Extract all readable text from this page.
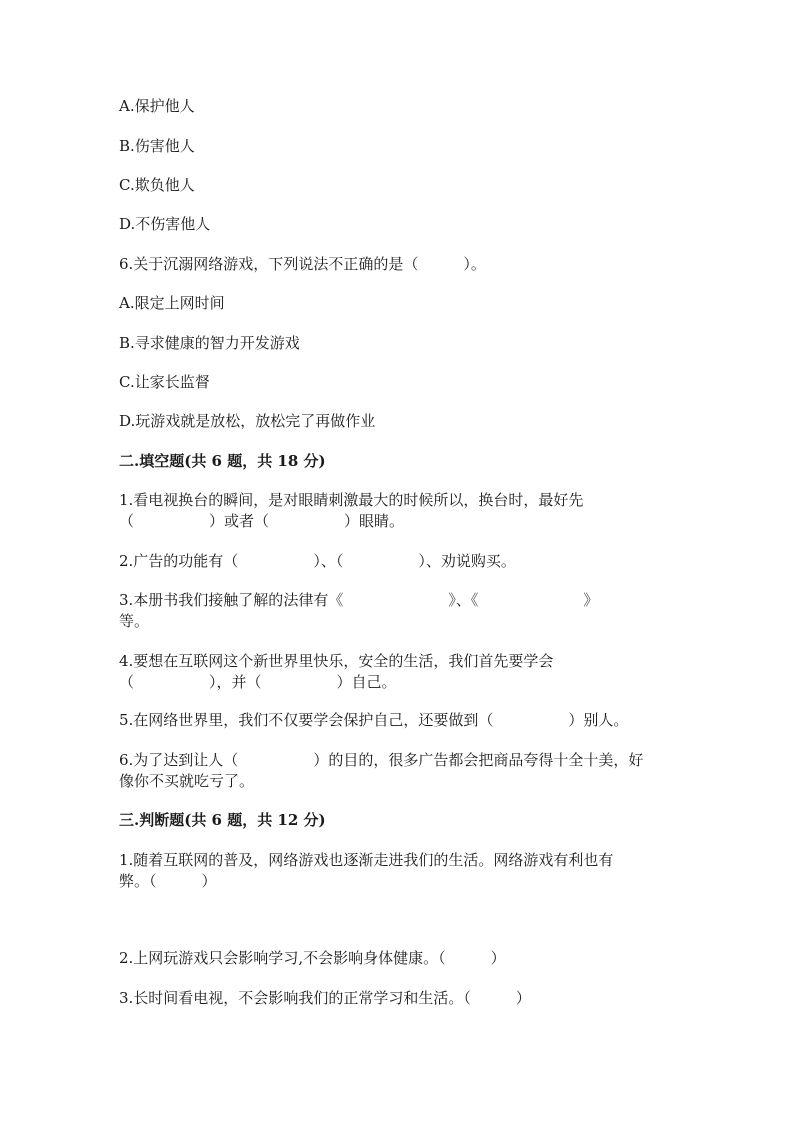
A.保护他人
B.伤害他人
C.欺负他人
D.不伤害他人
6.关于沉溺网络游戏，下列说法不正确的是（　　　）。
A.限定上网时间
B.寻求健康的智力开发游戏
C.让家长监督
D.玩游戏就是放松，放松完了再做作业
二.填空题(共 6 题，共 18 分)
1.看电视换台的瞬间，是对眼睛刺激最大的时候所以，换台时，最好先
（　　　　　）或者（　　　　　）眼睛。
2.广告的功能有（　　　　　）、（　　　　　）、劝说购买。
3.本册书我们接触了解的法律有《　　　　　　　》、《　　　　　　　》
等。
4.要想在互联网这个新世界里快乐，安全的生活，我们首先要学会
（　　　　　），并（　　　　　）自己。
5.在网络世界里，我们不仅要学会保护自己，还要做到（　　　　　）别人。
6.为了达到让人（　　　　　）的目的，很多广告都会把商品夸得十全十美，好
像你不买就吃亏了。
三.判断题(共 6 题，共 12 分)
1.随着互联网的普及，网络游戏也逐渐走进我们的生活。网络游戏有利也有
弊。（　　　）
2.上网玩游戏只会影响学习,不会影响身体健康。（　　　）
3.长时间看电视，不会影响我们的正常学习和生活。（　　　）
